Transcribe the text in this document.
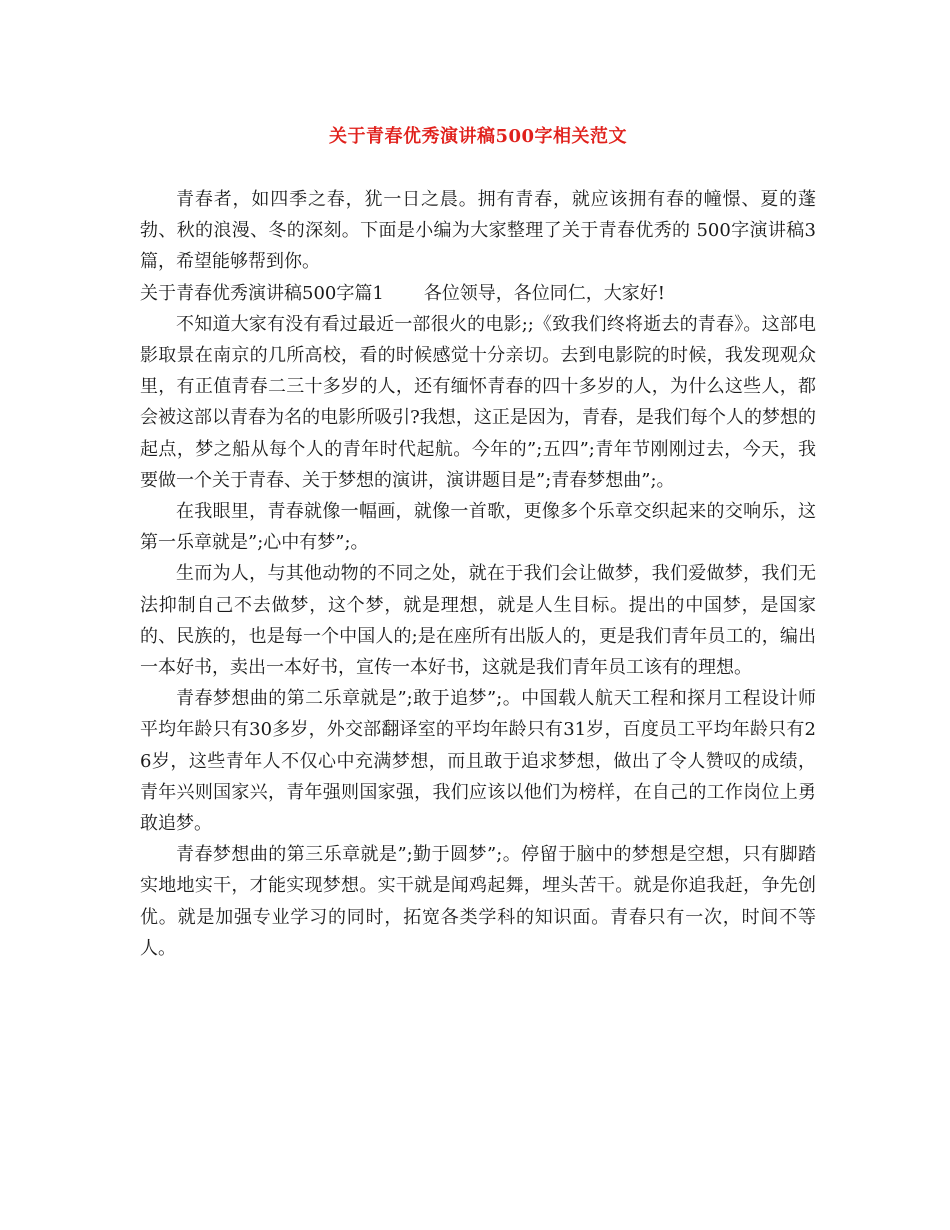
关于青春优秀演讲稿500字相关范文

青春者，如四季之春，犹一日之晨。拥有青春，就应该拥有春的幢憬、夏的蓬勃、秋的浪漫、冬的深刻。下面是小编为大家整理了关于青春优秀的 500字演讲稿3篇，希望能够帮到你。

关于青春优秀演讲稿500字篇1 各位领导，各位同仁，大家好!

不知道大家有没有看过最近一部很火的电影;;《致我们终将逝去的青春》。这部电影取景在南京的几所高校，看的时候感觉十分亲切。去到电影院的时候，我发现观众里，有正值青春二三十多岁的人，还有缅怀青春的四十多岁的人，为什么这些人，都会被这部以青春为名的电影所吸引?我想，这正是因为，青春，是我们每个人的梦想的起点，梦之船从每个人的青年时代起航。今年的”;五四”;青年节刚刚过去，今天，我要做一个关于青春、关于梦想的演讲，演讲题目是”;青春梦想曲”;。

在我眼里，青春就像一幅画，就像一首歌，更像多个乐章交织起来的交响乐，这第一乐章就是”;心中有梦”;。

生而为人，与其他动物的不同之处，就在于我们会让做梦，我们爱做梦，我们无法抑制自己不去做梦，这个梦，就是理想，就是人生目标。提出的中国梦，是国家的、民族的，也是每一个中国人的;是在座所有出版人的，更是我们青年员工的，编出一本好书，卖出一本好书，宣传一本好书，这就是我们青年员工该有的理想。

青春梦想曲的第二乐章就是”;敢于追梦”;。中国载人航天工程和探月工程设计师平均年龄只有30多岁，外交部翻译室的平均年龄只有31岁，百度员工平均年龄只有26岁，这些青年人不仅心中充满梦想，而且敢于追求梦想，做出了令人赞叹的成绩，青年兴则国家兴，青年强则国家强，我们应该以他们为榜样，在自己的工作岗位上勇敢追梦。

青春梦想曲的第三乐章就是”;勤于圆梦”;。停留于脑中的梦想是空想，只有脚踏实地地实干，才能实现梦想。实干就是闻鸡起舞，埋头苦干。就是你追我赶，争先创优。就是加强专业学习的同时，拓宽各类学科的知识面。青春只有一次，时间不等人。
